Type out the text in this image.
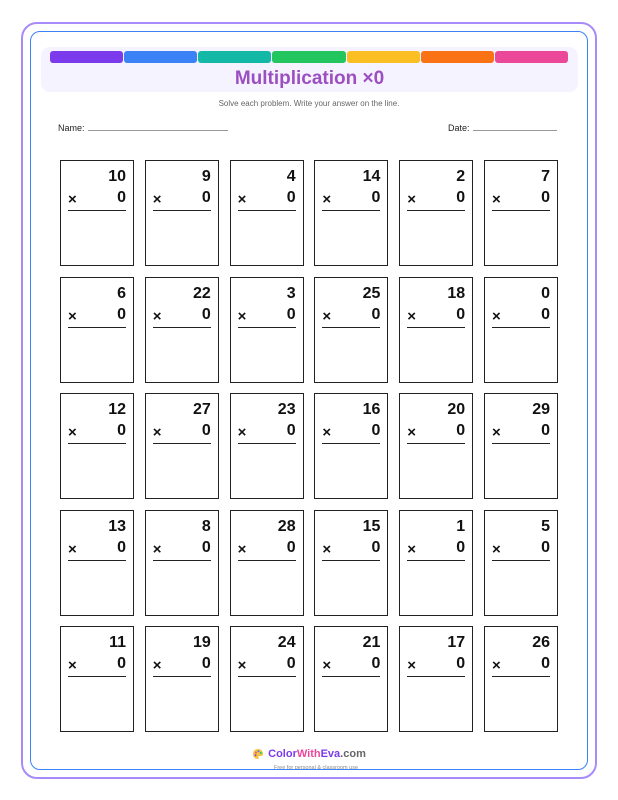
Multiplication ×0
Solve each problem. Write your answer on the line.
Name:	Date:
10
×	0
9
×	0
4
×	0
14
×	0
2
×	0
7
×	0
6
×	0
22
×	0
3
×	0
25
×	0
18
×	0
0
×	0
12
×	0
27
×	0
23
×	0
16
×	0
20
×	0
29
×	0
13
×	0
8
×	0
28
×	0
15
×	0
1
×	0
5
×	0
11
×	0
19
×	0
24
×	0
21
×	0
17
×	0
26
×	0
ColorWithEva.com
Free for personal & classroom use
